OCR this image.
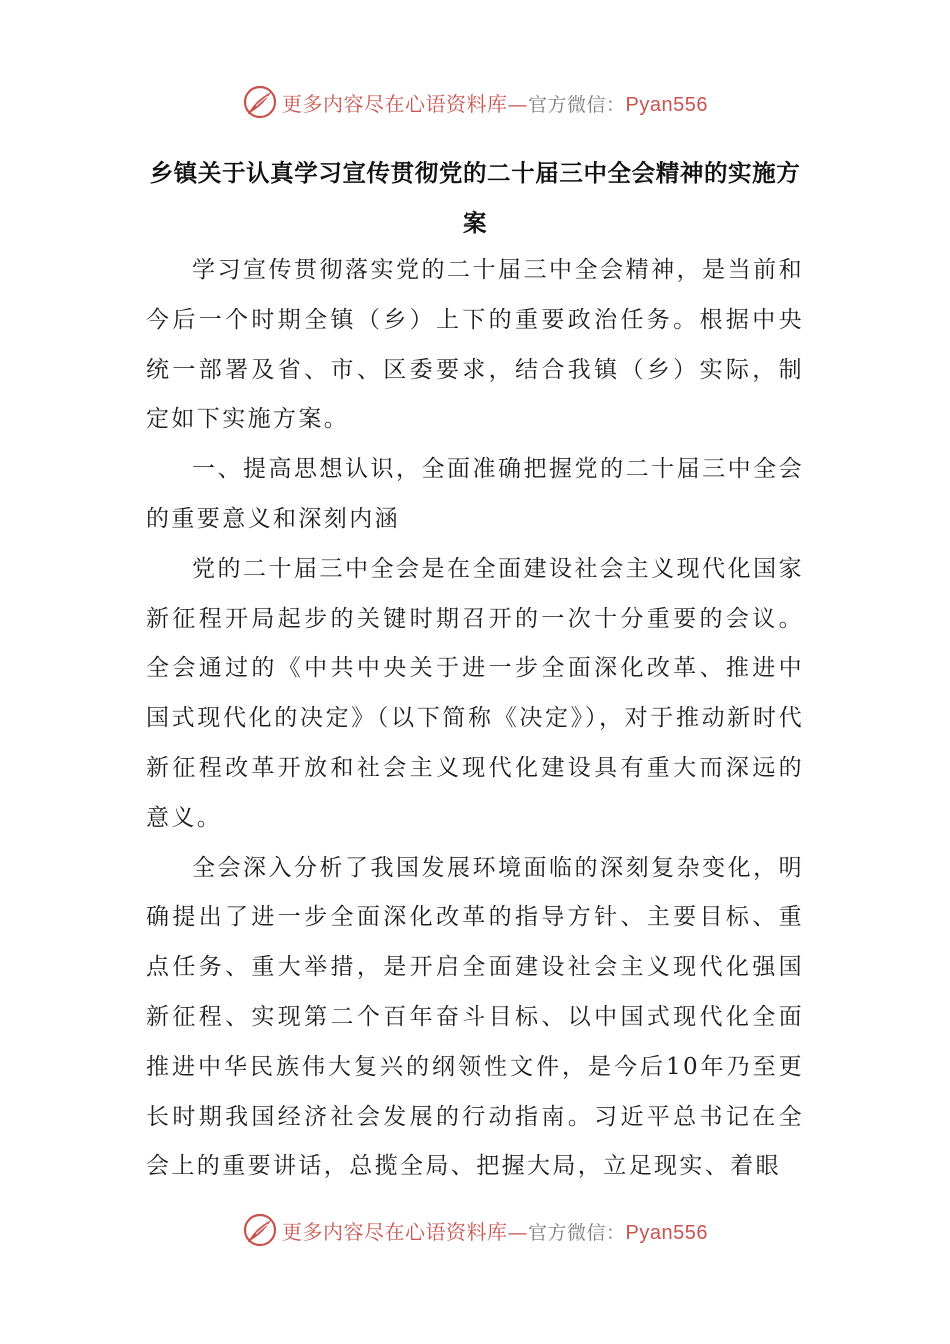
更多内容尽在心语资料库—官方微信：Pyan556
乡镇关于认真学习宣传贯彻党的二十届三中全会精神的实施方案

学习宣传贯彻落实党的二十届三中全会精神，是当前和今后一个时期全镇（乡）上下的重要政治任务。根据中央统一部署及省、市、区委要求，结合我镇（乡）实际，制定如下实施方案。

一、提高思想认识，全面准确把握党的二十届三中全会的重要意义和深刻内涵

党的二十届三中全会是在全面建设社会主义现代化国家新征程开局起步的关键时期召开的一次十分重要的会议。全会通过的《中共中央关于进一步全面深化改革、推进中国式现代化的决定》（以下简称《决定》），对于推动新时代新征程改革开放和社会主义现代化建设具有重大而深远的意义。

全会深入分析了我国发展环境面临的深刻复杂变化，明确提出了进一步全面深化改革的指导方针、主要目标、重点任务、重大举措，是开启全面建设社会主义现代化强国新征程、实现第二个百年奋斗目标、以中国式现代化全面推进中华民族伟大复兴的纲领性文件，是今后10年乃至更长时期我国经济社会发展的行动指南。习近平总书记在全会上的重要讲话，总揽全局、把握大局，立足现实、着眼

更多内容尽在心语资料库—官方微信：Pyan556
